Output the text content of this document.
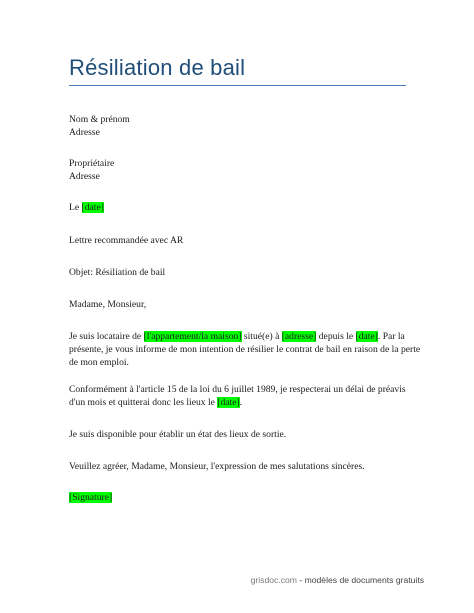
Résiliation de bail
Nom & prénom
Adresse
Propriétaire
Adresse
Le [date]
Lettre recommandée avec AR
Objet: Résiliation de bail
Madame, Monsieur,
Je suis locataire de [l'appartement/la maison] situé(e) à [adresse] depuis le [date]. Par la
présente, je vous informe de mon intention de résilier le contrat de bail en raison de la perte
de mon emploi.
Conformément à l'article 15 de la loi du 6 juillet 1989, je respecterai un délai de préavis
d'un mois et quitterai donc les lieux le [date].
Je suis disponible pour établir un état des lieux de sortie.
Veuillez agréer, Madame, Monsieur, l'expression de mes salutations sincères.
[Signature]
grisdoc.com - modèles de documents gratuits
